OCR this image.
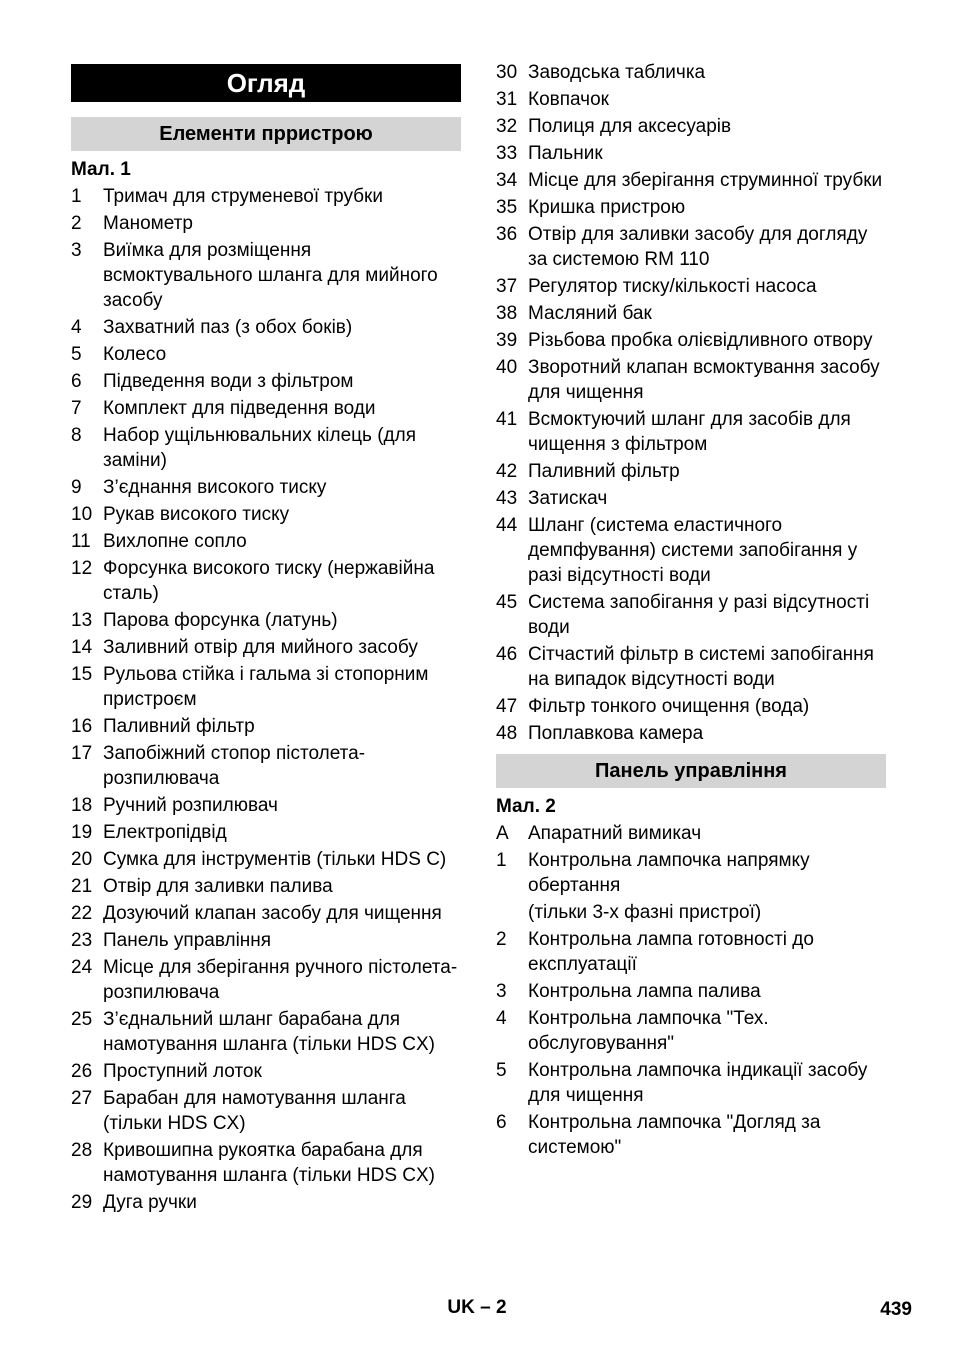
Огляд
Елементи прристрою
Мал. 1
1	Тримач для струменевої трубки
2	Манометр
3	Виїмка для розміщення всмоктувального шланга для мийного засобу
4	Захватний паз (з обох боків)
5	Колесо
6	Підведення води з фільтром
7	Комплект для підведення води
8	Набор ущільнювальних кілець (для заміни)
9	З’єднання високого тиску
10 Рукав високого тиску
11 Вихлопне сопло
12 Форсунка високого тиску (нержавійна сталь)
13 Парова форсунка (латунь)
14 Заливний отвір для мийного засобу
15 Рульова стійка і гальма зі стопорним пристроєм
16 Паливний фільтр
17 Запобіжний стопор пістолета-розпилювача
18 Ручний розпилювач
19 Електропідвід
20 Сумка для інструментів (тільки HDS C)
21 Отвір для заливки палива
22 Дозуючий клапан засобу для чищення
23 Панель управління
24 Місце для зберігання ручного пістолета-розпилювача
25 З’єднальний шланг барабана для намотування шланга (тільки HDS CX)
26 Проступний лоток
27 Барабан для намотування шланга (тільки HDS CX)
28 Кривошипна рукоятка барабана для намотування шланга (тільки HDS CX)
29 Дуга ручки
30 Заводська табличка
31 Ковпачок
32 Полиця для аксесуарів
33 Пальник
34 Місце для зберігання струминної трубки
35 Кришка пристрою
36 Отвір для заливки засобу для догляду за системою RM 110
37 Регулятор тиску/кількості насоса
38 Масляний бак
39 Різьбова пробка олієвідливного отвору
40 Зворотний клапан всмоктування засобу для чищення
41 Всмоктуючий шланг для засобів для чищення з фільтром
42 Паливний фільтр
43 Затискач
44 Шланг (система еластичного демпфування) системи запобігання у разі відсутності води
45 Система запобігання у разі відсутності води
46 Сітчастий фільтр в системі запобігання на випадок відсутності води
47 Фільтр тонкого очищення (вода)
48 Поплавкова камера
Панель управління
Мал. 2
A	Апаратний вимикач
1	Контрольна лампочка напрямку обертання
(тільки 3-х фазні пристрої)
2	Контрольна лампа готовності до експлуатації
3	Контрольна лампа палива
4	Контрольна лампочка "Тех. обслуговування"
5	Контрольна лампочка індикації засобу для чищення
6	Контрольна лампочка "Догляд за системою"
UK – 2	439
